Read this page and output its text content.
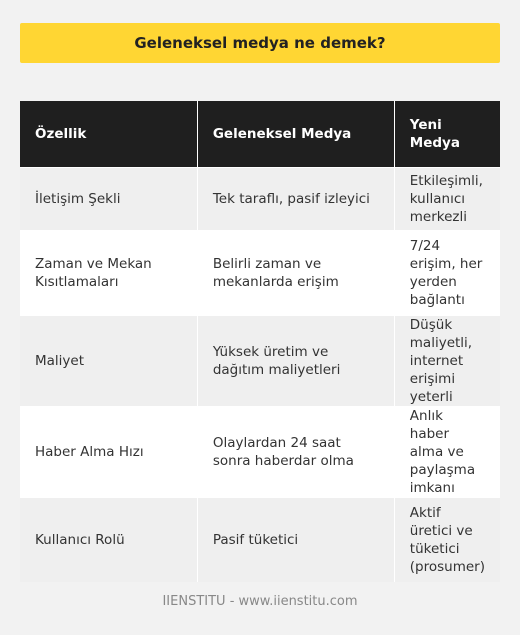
Geleneksel medya ne demek?
Özellik	Geleneksel Medya	Yeni Medya
İletişim Şekli	Tek taraflı, pasif izleyici	Etkileşimli, kullanıcı merkezli
Zaman ve Mekan Kısıtlamaları	Belirli zaman ve mekanlarda erişim	7/24 erişim, her yerden bağlantı
Maliyet	Yüksek üretim ve dağıtım maliyetleri	Düşük maliyetli, internet erişimi yeterli
Haber Alma Hızı	Olaylardan 24 saat sonra haberdar olma	Anlık haber alma ve paylaşma imkanı
Kullanıcı Rolü	Pasif tüketici	Aktif üretici ve tüketici (prosumer)
IIENSTITU - www.iienstitu.com
